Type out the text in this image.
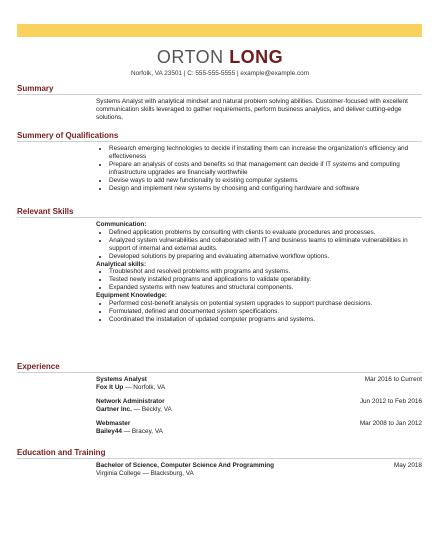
ORTON LONG
Norfolk, VA 23501 | C: 555-555-5555 | example@example.com
Summary
Systems Analyst with analytical mindset and natural problem solving abilities. Customer-focused with excellent communication skills leveraged to gather requirements, perform business analytics, and deliver cutting-edge solutions.
Summery of Qualifications
• Research emerging technologies to decide if installing them can increase the organization's efficiency and effectiveness
• Prepare an analysis of costs and benefits so that management can decide if IT systems and computing infrastructure upgrades are financially worthwhile
• Devise ways to add new functionality to existing computer systems
• Design and implement new systems by choosing and configuring hardware and software
Relevant Skills
Communication:
• Defined application problems by consulting with clients to evaluate procedures and processes.
• Analyzed system vulnerabilities and collaborated with IT and business teams to eliminate vulnerabilities in support of internal and external audits.
• Developed solutions by preparing and evaluating alternative workflow options.
Analytical skills:
• Troubleshot and resolved problems with programs and systems.
• Tested newly installed programs and applications to validate operability.
• Expanded systems with new features and structural components.
Equipment Knowledge:
• Performed cost-benefit analysis on potential system upgrades to support purchase decisions.
• Formulated, defined and documented system specifications.
• Coordinated the installation of updated computer programs and systems.
Experience
Systems Analyst
Fox It Up — Norfolk, VA
Mar 2016 to Current
Network Administrator
Gartner Inc. — Beckly, VA
Jun 2012 to Feb 2016
Webmaster
Bailey44 — Bracey, VA
Mar 2008 to Jan 2012
Education and Training
Bachelor of Science, Computer Science And Programming
Virginia College — Blacksburg, VA
May 2018
